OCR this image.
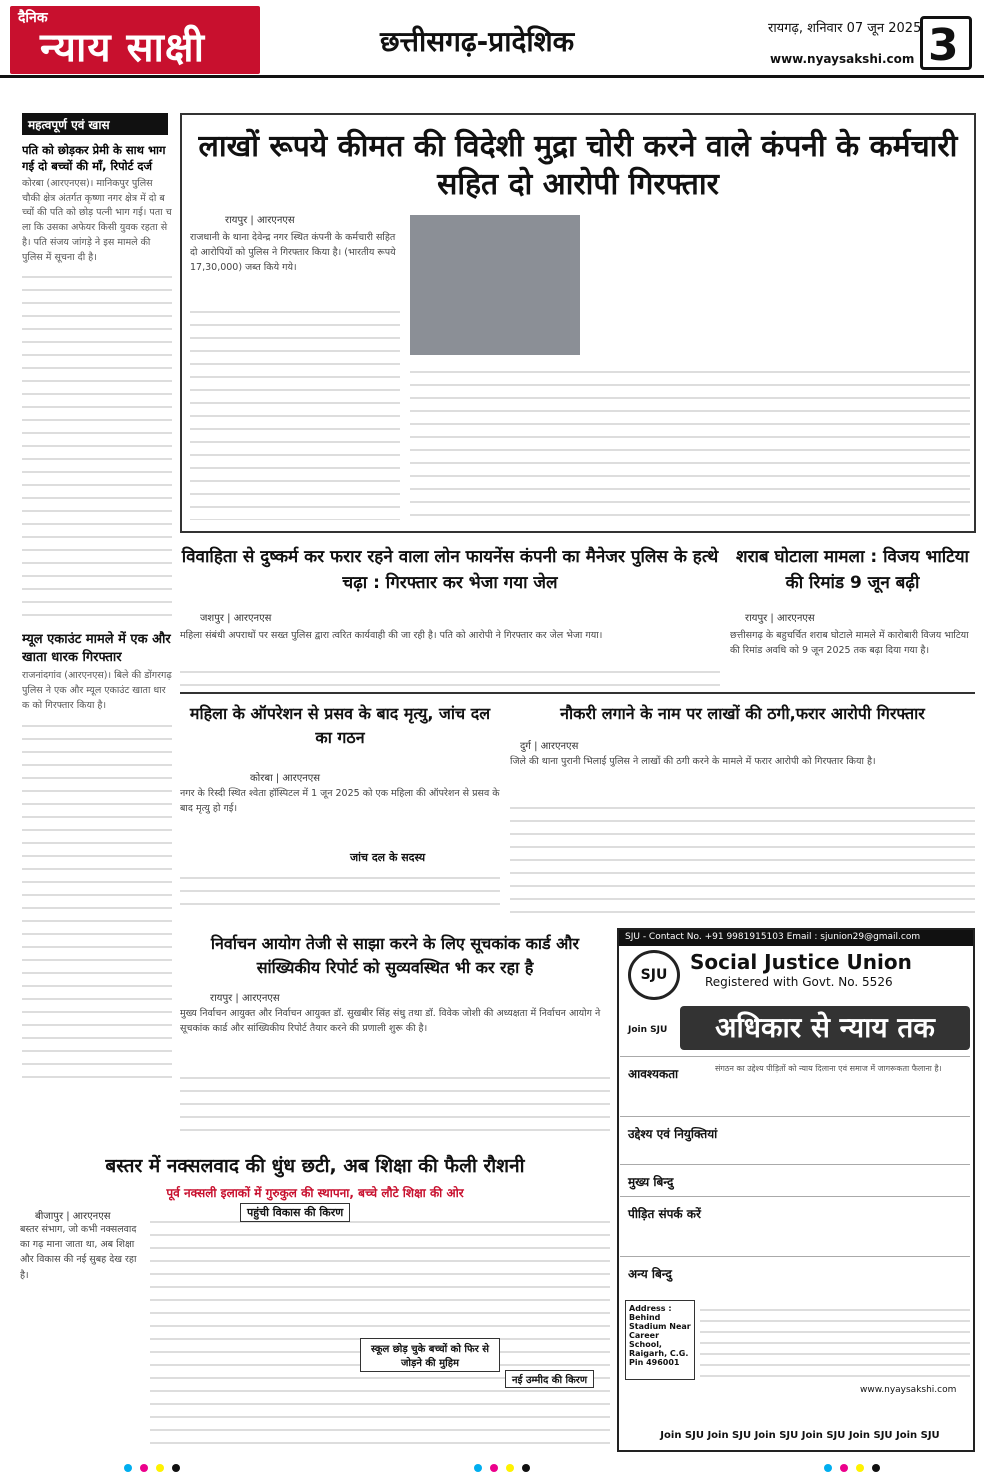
दैनिक
न्याय साक्षी	छत्तीसगढ़-प्रादेशिक	रायगढ़, शनिवार 07 जून 2025
www.nyaysakshi.com 3
महत्वपूर्ण एवं खास
पति को छोड़कर प्रेमी के साथ भाग गई दो बच्चों की माँ, रिपोर्ट दर्ज
कोरबा (आरएनएस)। मानिकपुर पुलिस चौकी क्षेत्र अंतर्गत कृष्णा नगर क्षेत्र में दो बच्चों की पति को छोड़ पत्नी भाग गई। पता चला कि उसका अफेयर किसी युवक रहता से है। पति संजय जांगड़े ने इस मामले की पुलिस में सूचना दी है।
म्यूल एकाउंट मामले में एक और खाता धारक गिरफ्तार
राजनांदगांव (आरएनएस)। बिले की डोंगरगढ़ पुलिस ने एक और म्यूल एकाउंट खाता धारक को गिरफ्तार किया है।
लाखों रूपये कीमत की विदेशी मुद्रा चोरी करने वाले कंपनी के कर्मचारी सहित दो आरोपी गिरफ्तार
रायपुर | आरएनएस
राजधानी के थाना देवेन्द्र नगर स्थित कंपनी के कर्मचारी सहित दो आरोपियों को पुलिस ने गिरफ्तार किया है। (भारतीय रूपये 17,30,000) जब्त किये गये।
विवाहिता से दुष्कर्म कर फरार रहने वाला लोन फायनेंस कंपनी का मैनेजर पुलिस के हत्थे चढ़ा : गिरफ्तार कर भेजा गया जेल
जशपुर | आरएनएस
महिला संबंधी अपराधों पर सख्त पुलिस द्वारा त्वरित कार्यवाही की जा रही है। पति को आरोपी ने गिरफ्तार कर जेल भेजा गया।
शराब घोटाला मामला : विजय भाटिया की रिमांड 9 जून बढ़ी
रायपुर | आरएनएस
छत्तीसगढ़ के बहुचर्चित शराब घोटाले मामले में कारोबारी विजय भाटिया की रिमांड अवधि को 9 जून 2025 तक बढ़ा दिया गया है।
महिला के ऑपरेशन से प्रसव के बाद मृत्यु, जांच दल का गठन
कोरबा | आरएनएस
नगर के रिस्दी स्थित श्वेता हॉस्पिटल में 1 जून 2025 को एक महिला की ऑपरेशन से प्रसव के बाद मृत्यु हो गई।
जांच दल के सदस्य
नौकरी लगाने के नाम पर लाखों की ठगी,फरार आरोपी गिरफ्तार
दुर्ग | आरएनएस
जिले की थाना पुरानी भिलाई पुलिस ने लाखों की ठगी करने के मामले में फरार आरोपी को गिरफ्तार किया है।
निर्वाचन आयोग तेजी से साझा करने के लिए सूचकांक कार्ड और सांख्यिकीय रिपोर्ट को सुव्यवस्थित भी कर रहा है
रायपुर | आरएनएस
मुख्य निर्वाचन आयुक्त और निर्वाचन आयुक्त डॉ. सुखबीर सिंह संधु तथा डॉ. विवेक जोशी की अध्यक्षता में निर्वाचन आयोग ने सूचकांक कार्ड और सांख्यिकीय रिपोर्ट तैयार करने की प्रणाली शुरू की है।
बस्तर में नक्सलवाद की धुंध छटी, अब शिक्षा की फैली रौशनी
पूर्व नक्सली इलाकों में गुरुकुल की स्थापना, बच्चे लौटे शिक्षा की ओर
बीजापुर | आरएनएस
बस्तर संभाग, जो कभी नक्सलवाद का गढ़ माना जाता था, अब शिक्षा और विकास की नई सुबह देख रहा है।
पहुंची विकास की किरण
स्कूल छोड़ चुके बच्चों को फिर से जोड़ने की मुहिम
नई उम्मीद की किरण
SJU - Contact No. +91 9981915103 Email : sjunion29@gmail.com
SJU
Join SJU
Social Justice Union
Registered with Govt. No. 5526
अधिकार से न्याय तक
आवश्यकता	संगठन का उद्देश्य पीड़ितों को न्याय दिलाना एवं समाज में जागरूकता फैलाना है।
उद्देश्य एवं नियुक्तियां
मुख्य बिन्दु
पीड़ित संपर्क करें
अन्य बिन्दु
Address : Behind Stadium Near Career School, Raigarh, C.G. Pin 496001
www.nyaysakshi.com
Join SJU Join SJU Join SJU Join SJU Join SJU Join SJU
